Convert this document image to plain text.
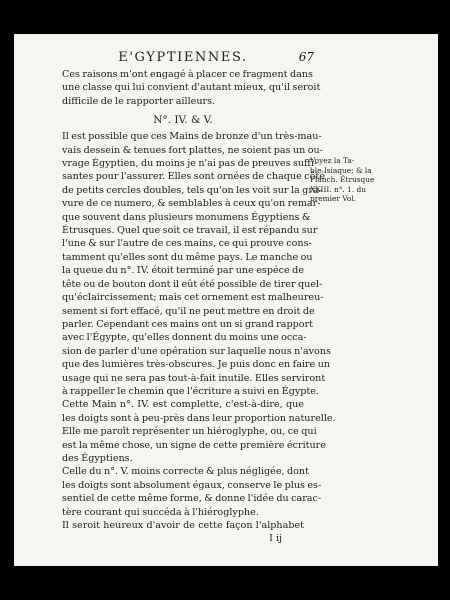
E'GYPTIENNES.	67

Ces raisons m'ont engagé à placer ce fragment dans
une classe qui lui convient d'autant mieux, qu'il seroit
difficile de le rapporter ailleurs.

N°. IV. & V.

Il est possible que ces Mains de bronze d'un très-mau-
vais dessein & tenues fort plattes, ne soient pas un ou-
vrage Égyptien, du moins je n'ai pas de preuves suffi-
santes pour l'assurer. Elles sont ornées de chaque côté
de petits cercles doubles, tels qu'on les voit sur la gra-
vure de ce numero, & semblables à ceux qu'on remar-
que souvent dans plusieurs monumens Égyptiens &
Étrusques. Quel que soit ce travail, il est répandu sur
l'une & sur l'autre de ces mains, ce qui prouve cons-
tamment qu'elles sont du même pays. Le manche ou
la queue du n°. IV. étoit terminé par une espéce de
tête ou de bouton dont il eût été possible de tirer quel-
qu'éclaircissement; mais cet ornement est malheureu-
sement si fort effacé, qu'il ne peut mettre en droit de
parler. Cependant ces mains ont un si grand rapport
avec l'Égypte, qu'elles donnent du moins une occa-
sion de parler d'une opération sur laquelle nous n'avons
que des lumières très-obscures. Je puis donc en faire un
usage qui ne sera pas tout-à-fait inutile. Elles serviront
à rappeller le chemin que l'écriture a suivi en Égypte.

Cette Main n°. IV. est complette, c'est-à-dire, que
les doigts sont à peu-près dans leur proportion naturelle.
Elle me paroît représenter un hiéroglyphe, ou, ce qui
est la même chose, un signe de cette première écriture
des Égyptiens.

Celle du n°. V. moins correcte & plus négligée, dont
les doigts sont absolument égaux, conserve le plus es-
sentiel de cette même forme, & donne l'idée du carac-
tère courant qui succéda à l'hiéroglyphe.

Il seroit heureux d'avoir de cette façon l'alphabet

I ij
Voyez la Ta-
ble Isiaque; & la
Planch. Étrusque
XXIII. n°. 1. du
premier Vol.
